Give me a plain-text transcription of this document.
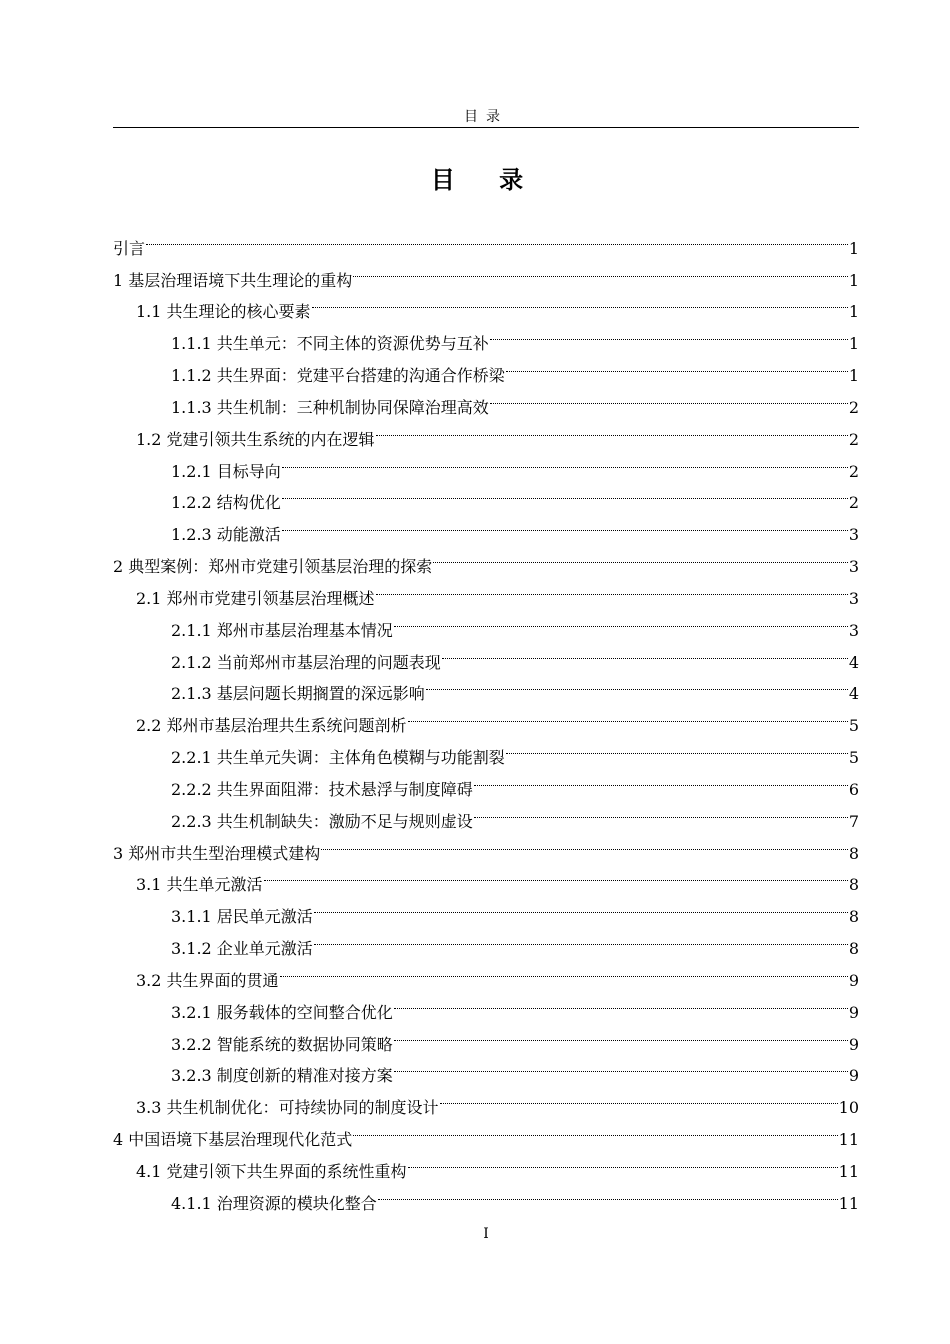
目录
目 录
引言	1
1 基层治理语境下共生理论的重构	1
1.1 共生理论的核心要素	1
1.1.1 共生单元：不同主体的资源优势与互补	1
1.1.2 共生界面：党建平台搭建的沟通合作桥梁	1
1.1.3 共生机制：三种机制协同保障治理高效	2
1.2 党建引领共生系统的内在逻辑	2
1.2.1 目标导向	2
1.2.2 结构优化	2
1.2.3 动能激活	3
2 典型案例：郑州市党建引领基层治理的探索	3
2.1 郑州市党建引领基层治理概述	3
2.1.1 郑州市基层治理基本情况	3
2.1.2 当前郑州市基层治理的问题表现	4
2.1.3 基层问题长期搁置的深远影响	4
2.2 郑州市基层治理共生系统问题剖析	5
2.2.1 共生单元失调：主体角色模糊与功能割裂	5
2.2.2 共生界面阻滞：技术悬浮与制度障碍	6
2.2.3 共生机制缺失：激励不足与规则虚设	7
3 郑州市共生型治理模式建构	8
3.1 共生单元激活	8
3.1.1 居民单元激活	8
3.1.2 企业单元激活	8
3.2 共生界面的贯通	9
3.2.1 服务载体的空间整合优化	9
3.2.2 智能系统的数据协同策略	9
3.2.3 制度创新的精准对接方案	9
3.3 共生机制优化：可持续协同的制度设计	10
4 中国语境下基层治理现代化范式	11
4.1 党建引领下共生界面的系统性重构	11
4.1.1 治理资源的模块化整合	11
I
